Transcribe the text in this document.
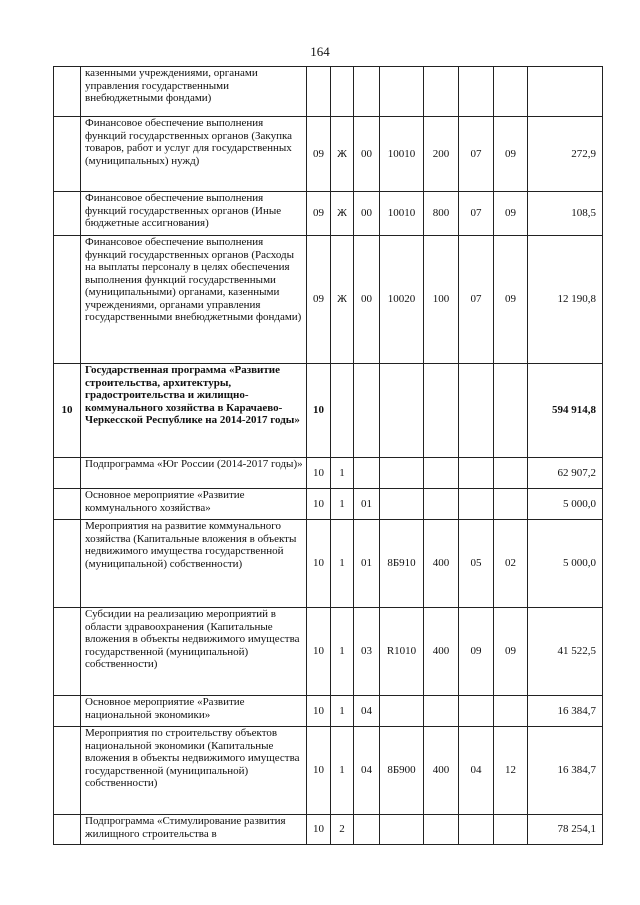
164
	казенными учреждениями, органами управления государственными внебюджетными фондами)								
	Финансовое обеспечение выполнения функций государственных органов (Закупка товаров, работ и услуг для государственных (муниципальных) нужд)	09	Ж	00	10010	200	07	09	272,9
	Финансовое обеспечение выполнения функций государственных органов (Иные бюджетные ассигнования)	09	Ж	00	10010	800	07	09	108,5
	Финансовое обеспечение выполнения функций государственных органов (Расходы на выплаты персоналу в целях обеспечения выполнения функций государственными (муниципальными) органами, казенными учреждениями, органами управления государственными внебюджетными фондами)	09	Ж	00	10020	100	07	09	12 190,8
10	Государственная программа «Развитие строительства, архитектуры, градостроительства и жилищно-коммунального хозяйства в Карачаево-Черкесской Республике на 2014-2017 годы»	10							594 914,8
	Подпрограмма «Юг России (2014-2017 годы)»	10	1						62 907,2
	Основное мероприятие «Развитие коммунального хозяйства»	10	1	01					5 000,0
	Мероприятия на развитие коммунального хозяйства (Капитальные вложения в объекты недвижимого имущества государственной (муниципальной) собственности)	10	1	01	8Б910	400	05	02	5 000,0
	Субсидии на реализацию мероприятий в области здравоохранения (Капитальные вложения в объекты недвижимого имущества государственной (муниципальной) собственности)	10	1	03	R1010	400	09	09	41 522,5
	Основное мероприятие «Развитие национальной экономики»	10	1	04					16 384,7
	Мероприятия по строительству объектов национальной экономики (Капитальные вложения в объекты недвижимого имущества государственной (муниципальной) собственности)	10	1	04	8Б900	400	04	12	16 384,7
	Подпрограмма «Стимулирование развития жилищного строительства в	10	2						78 254,1
